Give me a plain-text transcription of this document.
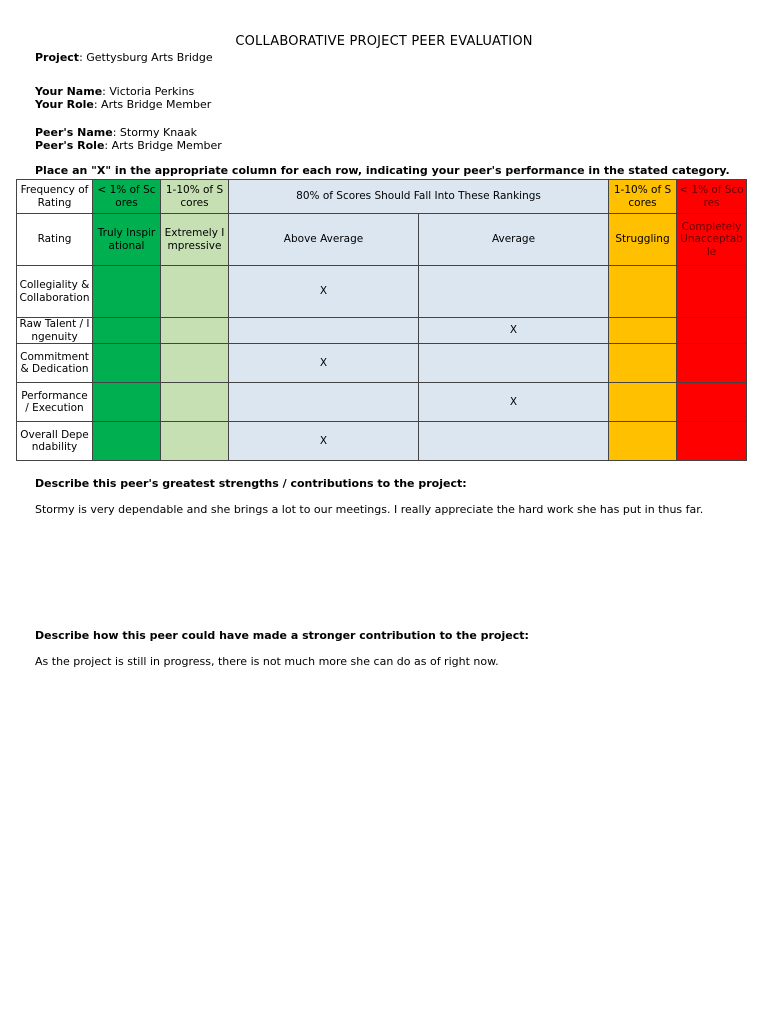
COLLABORATIVE PROJECT PEER EVALUATION
Project: Gettysburg Arts Bridge
Your Name: Victoria Perkins
Your Role: Arts Bridge Member
Peer's Name: Stormy Knaak
Peer's Role: Arts Bridge Member
Place an "X" in the appropriate column for each row, indicating your peer's performance in the stated category.
Frequency of Rating	< 1% of Scores	1-10% of Scores	80% of Scores Should Fall Into These Rankings		1-10% of Scores	< 1% of Scores
Rating	Truly Inspirational	Extremely Impressive	Above Average	Average	Struggling	Completely Unacceptable
Collegiality & Collaboration			X			
Raw Talent / Ingenuity				X		
Commitment & Dedication			X			
Performance / Execution				X		
Overall Dependability			X			
Describe this peer's greatest strengths / contributions to the project:
Stormy is very dependable and she brings a lot to our meetings. I really appreciate the hard work she has put in thus far.
Describe how this peer could have made a stronger contribution to the project:
As the project is still in progress, there is not much more she can do as of right now.
